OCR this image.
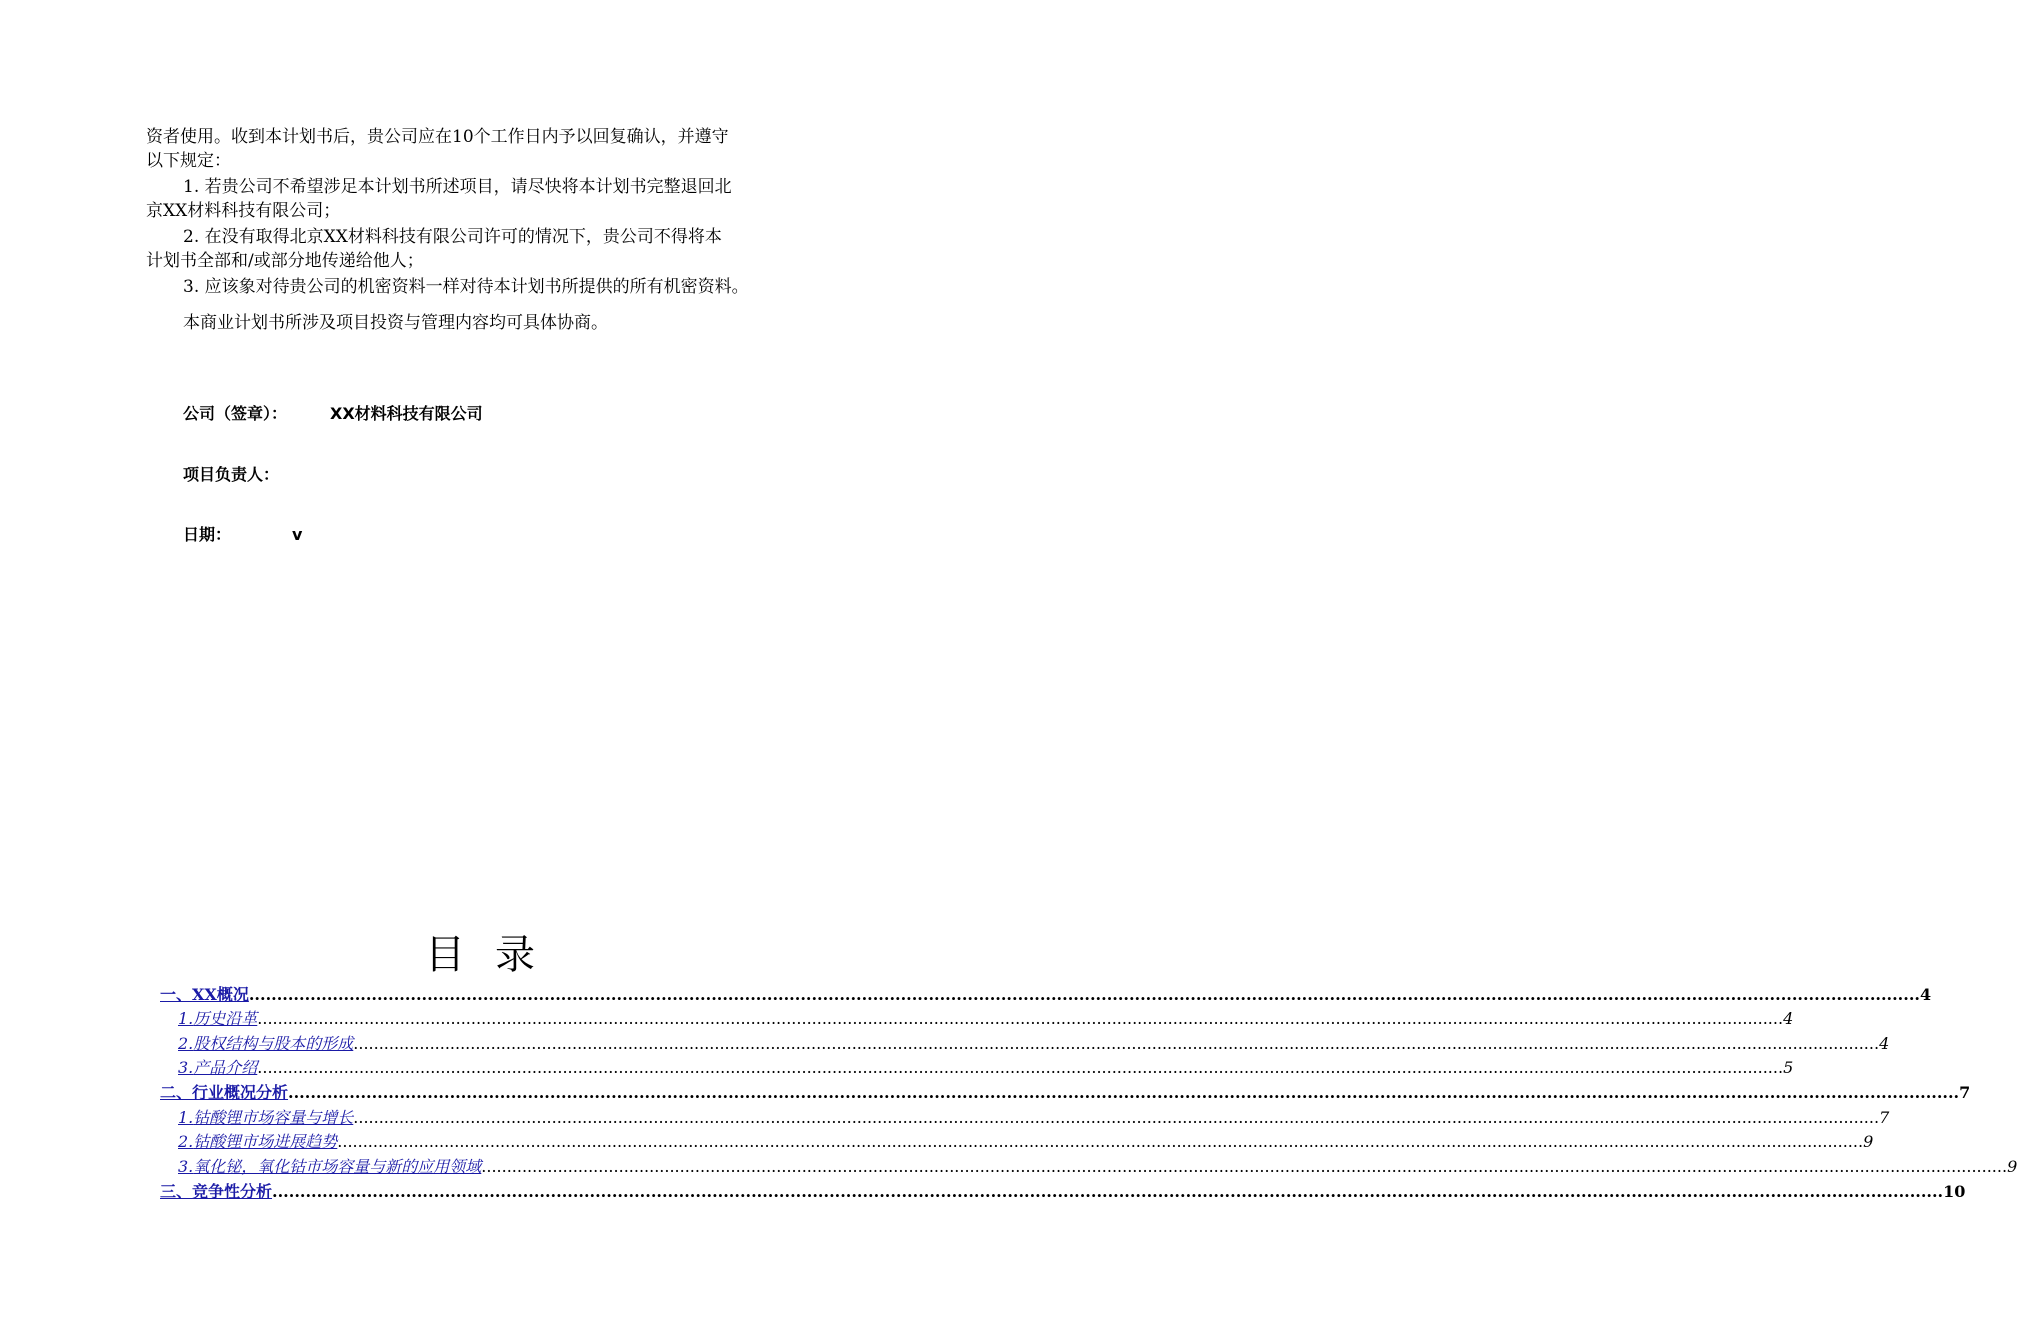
资者使用。收到本计划书后，贵公司应在10个工作日内予以回复确认，并遵守
以下规定：
1. 若贵公司不希望涉足本计划书所述项目，请尽快将本计划书完整退回北
京XX材料科技有限公司；
2. 在没有取得北京XX材料科技有限公司许可的情况下，贵公司不得将本
计划书全部和/或部分地传递给他人；
3. 应该象对待贵公司的机密资料一样对待本计划书所提供的所有机密资料。
本商业计划书所涉及项目投资与管理内容均可具体协商。
公司（签章）：	XX材料科技有限公司
项目负责人：
日期：	v
目录
一、 XX概况 ............................................................................................................................................................................................................................................................................................................ 4
1. 历史沿革 ............................................................................................................................................................................................................................................................................................................ 4
2. 股权结构与股本的形成 ............................................................................................................................................................................................................................................................................................................ 4
3. 产品介绍 ............................................................................................................................................................................................................................................................................................................ 5
二、 行业概况分析 ............................................................................................................................................................................................................................................................................................................ 7
1. 钴酸锂市场容量与增长 ............................................................................................................................................................................................................................................................................................................ 7
2. 钴酸锂市场进展趋势 ............................................................................................................................................................................................................................................................................................................ 9
3. 氧化铋，氧化钴市场容量与新的应用领域 ............................................................................................................................................................................................................................................................................................................ 9
三、 竞争性分析 ............................................................................................................................................................................................................................................................................................................ 10
